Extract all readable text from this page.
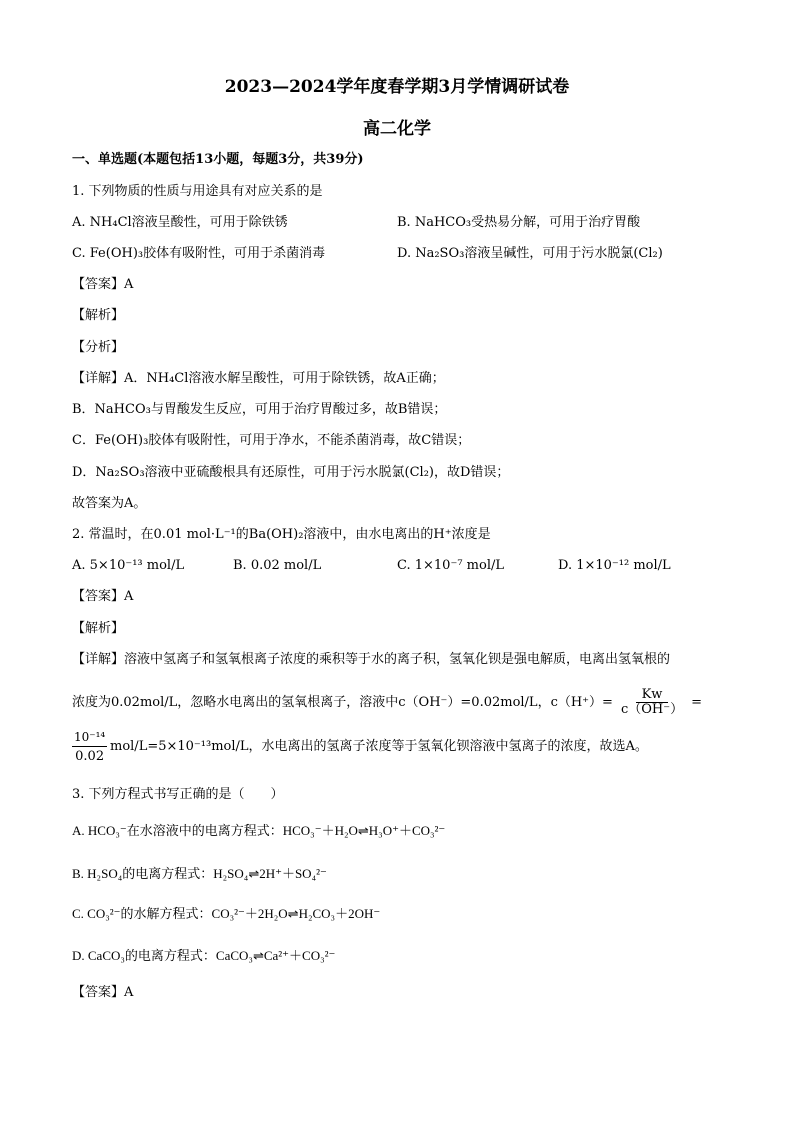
2023—2024学年度春学期3月学情调研试卷
高二化学
一、单选题(本题包括13小题，每题3分，共39分)
1. 下列物质的性质与用途具有对应关系的是
A. NH₄Cl溶液呈酸性，可用于除铁锈	B. NaHCO₃受热易分解，可用于治疗胃酸
C. Fe(OH)₃胶体有吸附性，可用于杀菌消毒	D. Na₂SO₃溶液呈碱性，可用于污水脱氯(Cl₂)
【答案】A
【解析】
【分析】
【详解】A．NH₄Cl溶液水解呈酸性，可用于除铁锈，故A正确；
B．NaHCO₃与胃酸发生反应，可用于治疗胃酸过多，故B错误；
C．Fe(OH)₃胶体有吸附性，可用于净水，不能杀菌消毒，故C错误；
D．Na₂SO₃溶液中亚硫酸根具有还原性，可用于污水脱氯(Cl₂)，故D错误；
故答案为A。
2. 常温时，在0.01 mol·L⁻¹的Ba(OH)₂溶液中，由水电离出的H⁺浓度是
A. 5×10⁻¹³ mol/L	B. 0.02 mol/L	C. 1×10⁻⁷ mol/L	D. 1×10⁻¹² mol/L
【答案】A
【解析】
【详解】溶液中氢离子和氢氧根离子浓度的乘积等于水的离子积，氢氧化钡是强电解质，电离出氢氧根的
浓度为0.02mol/L，忽略水电离出的氢氧根离子，溶液中c（OH⁻）=0.02mol/L，$c(H^+)= \frac{Kw}{c(OH^-)}$ =
$\frac{\text{10⁻¹⁴}}{0.02} mol/L=5\times 10^{-13}mol/L$，水电离出的氢离子浓度等于氢氧化钡溶液中氢离子的浓度，故选A。
3. 下列方程式书写正确的是（　　）
A. HCO₃⁻在水溶液中的电离方程式：HCO₃⁻＋H₂O⇌H₃O⁺＋CO₃²⁻
B. H₂SO₄的电离方程式：H₂SO₄⇌2H⁺＋SO₄²⁻
C. CO₃²⁻的水解方程式：CO₃²⁻＋2H₂O⇌H₂CO₃＋2OH⁻
D. CaCO₃的电离方程式：CaCO₃⇌Ca²⁺＋CO₃²⁻
【答案】A
